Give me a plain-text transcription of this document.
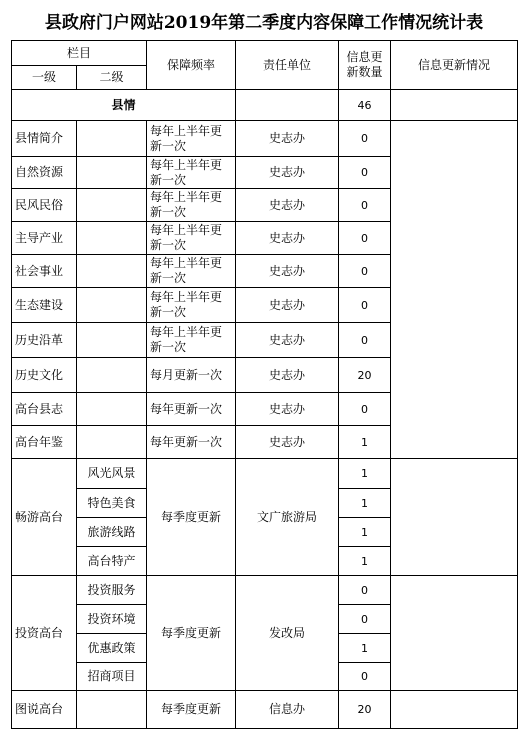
县政府门户网站2019年第二季度内容保障工作情况统计表
栏目		保障频率	责任单位	信息更新数量	信息更新情况
一级	二级				
县情				46	
县情简介		每年上半年更新一次	史志办	0	
自然资源		每年上半年更新一次	史志办	0	
民风民俗		每年上半年更新一次	史志办	0	
主导产业		每年上半年更新一次	史志办	0	
社会事业		每年上半年更新一次	史志办	0	
生态建设		每年上半年更新一次	史志办	0	
历史沿革		每年上半年更新一次	史志办	0	
历史文化		每月更新一次	史志办	20	
高台县志		每年更新一次	史志办	0	
高台年鉴		每年更新一次	史志办	1	
畅游高台	风光风景	每季度更新	文广旅游局	1	
	特色美食			1	
	旅游线路			1	
	高台特产			1	
投资高台	投资服务	每季度更新	发改局	0	
	投资环境			0	
	优惠政策			1	
	招商项目			0	
图说高台		每季度更新	信息办	20	
